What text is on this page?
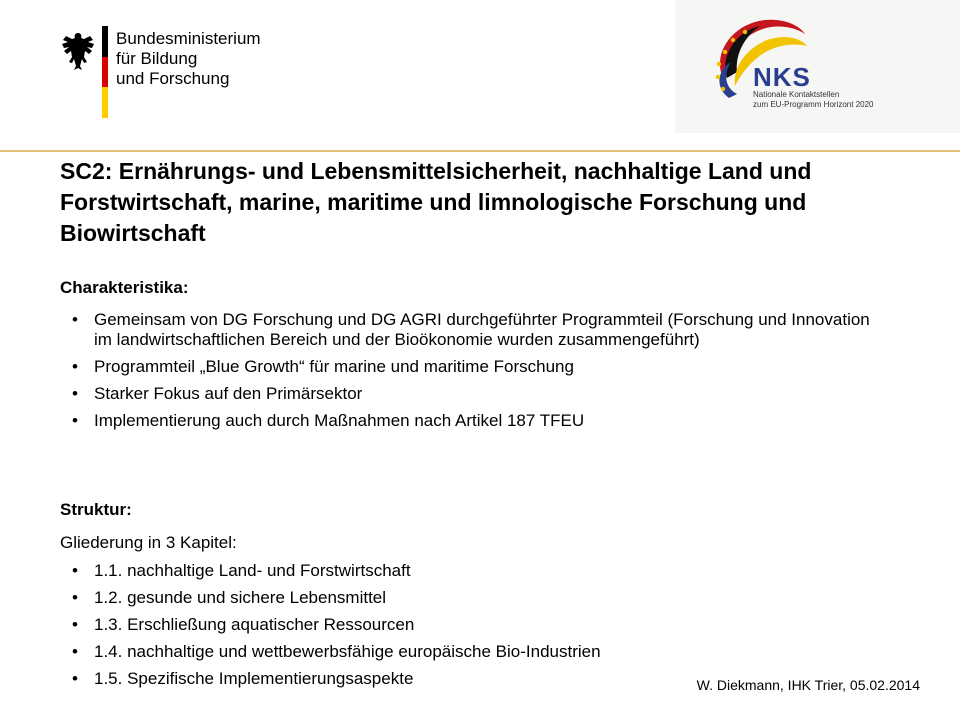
Bundesministerium
für Bildung
und Forschung	NKS
Nationale Kontaktstellen
zum EU-Programm Horizont 2020
SC2: Ernährungs- und Lebensmittelsicherheit, nachhaltige Land und Forstwirtschaft, marine, maritime und limnologische Forschung und Biowirtschaft
Charakteristika:
• Gemeinsam von DG Forschung und DG AGRI durchgeführter Programmteil (Forschung und Innovation im landwirtschaftlichen Bereich und der Bioökonomie wurden zusammengeführt)
• Programmteil „Blue Growth“ für marine und maritime Forschung
• Starker Fokus auf den Primärsektor
• Implementierung auch durch Maßnahmen nach Artikel 187 TFEU
Struktur:
Gliederung in 3 Kapitel:
• 1.1. nachhaltige Land- und Forstwirtschaft
• 1.2. gesunde und sichere Lebensmittel
• 1.3. Erschließung aquatischer Ressourcen
• 1.4. nachhaltige und wettbewerbsfähige europäische Bio-Industrien
• 1.5. Spezifische Implementierungsaspekte	W. Diekmann, IHK Trier, 05.02.2014
